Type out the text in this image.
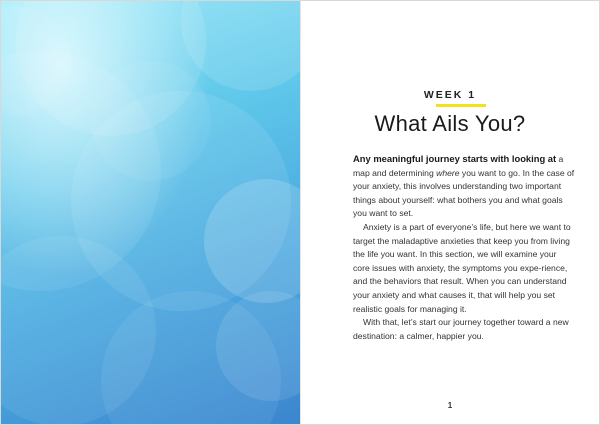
WEEK 1
What Ails You?

Any meaningful journey starts with looking at a map and determining where you want to go. In the case of your anxiety, this involves understanding two important things about yourself: what bothers you and what goals you want to set.

Anxiety is a part of everyone’s life, but here we want to target the maladaptive anxieties that keep you from living the life you want. In this section, we will examine your core issues with anxiety, the symptoms you expe-rience, and the behaviors that result. When you can understand your anxiety and what causes it, that will help you set realistic goals for managing it.

With that, let’s start our journey together toward a new destination: a calmer, happier you.

1
